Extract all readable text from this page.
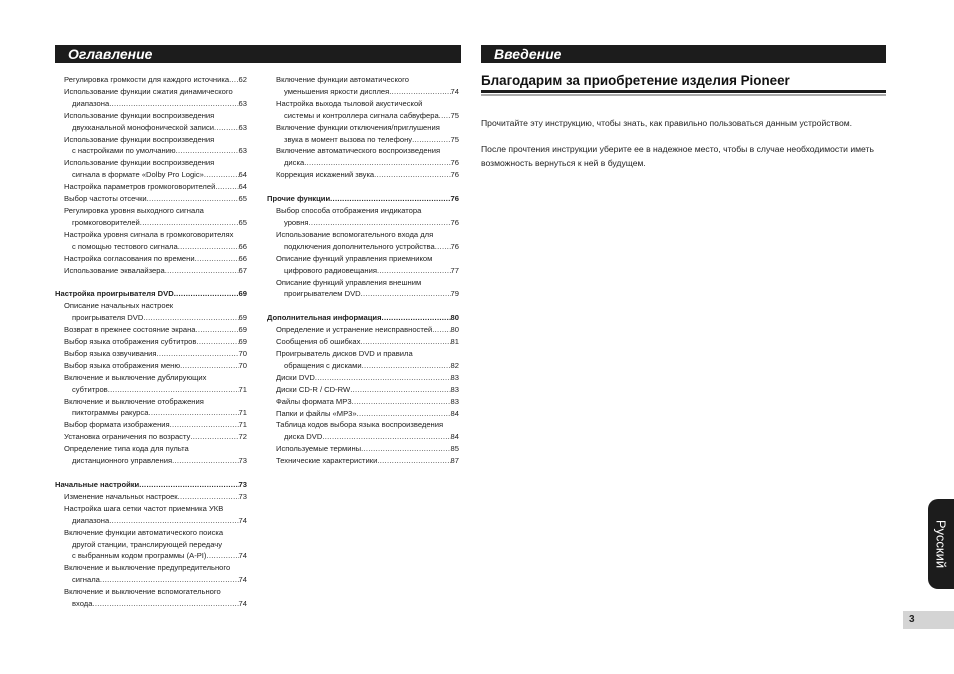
Оглавление	Введение
Регулировка громкости для каждого источника ..... 62
Использование функции сжатия динамического
диапазона .....	63
Использование функции воспроизведения
двухканальной монофонической записи .....	63
Использование функции воспроизведения
с настройками по умолчанию .....	63
Использование функции воспроизведения
сигнала в формате «Dolby Pro Logic» .....	64
Настройка параметров громкоговорителей .....	64
Выбор частоты отсечки .....	65
Регулировка уровня выходного сигнала
громкоговорителей .....	65
Настройка уровня сигнала в громкоговорителях
с помощью тестового сигнала .....	66
Настройка согласования по времени .....	66
Использование эквалайзера .....	67
Настройка проигрывателя DVD .....	69
Описание начальных настроек
проигрывателя DVD .....	69
Возврат в прежнее состояние экрана .....	69
Выбор языка отображения субтитров .....	69
Выбор языка озвучивания .....	70
Выбор языка отображения меню .....	70
Включение и выключение дублирующих
субтитров .....	71
Включение и выключение отображения
пиктограммы ракурса .....	71
Выбор формата изображения .....	71
Установка ограничения по возрасту .....	72
Определение типа кода для пульта
дистанционного управления .....	73
Начальные настройки .....	73
Изменение начальных настроек .....	73
Настройка шага сетки частот приемника УКВ
диапазона .....	74
Включение функции автоматического поиска
другой станции, транслирующей передачу
с выбранным кодом программы (A-PI) .....	74
Включение и выключение предупредительного
сигнала .....	74
Включение и выключение вспомогательного
входа .....	74
Включение функции автоматического
уменьшения яркости дисплея .....	74
Настройка выхода тыловой акустической
системы и контроллера сигнала сабвуфера ..... 75
Включение функции отключения/приглушения
звука в момент вызова по телефону .....	75
Включение автоматического воспроизведения
диска .....	76
Коррекция искажений звука .....	76
Прочие функции .....	76
Выбор способа отображения индикатора
уровня .....	76
Использование вспомогательного входа для
подключения дополнительного устройства ..... 76
Описание функций управления приемником
цифрового радиовещания .....	77
Описание функций управления внешним
проигрывателем DVD .....	79
Дополнительная информация .....	80
Определение и устранение неисправностей ..... 80
Сообщения об ошибках .....	81
Проигрыватель дисков DVD и правила
обращения с дисками .....	82
Диски DVD .....	83
Диски CD-R / CD-RW .....	83
Файлы формата MP3 .....	83
Папки и файлы «MP3» .....	84
Таблица кодов выбора языка воспроизведения
диска DVD .....	84
Используемые термины .....	85
Технические характеристики .....	87
Благодарим за приобретение изделия Pioneer

Прочитайте эту инструкцию, чтобы знать, как правильно пользоваться данным устройством.

После прочтения инструкции уберите ее в надежное место, чтобы в случае необходимости иметь возможность вернуться к ней в будущем.

Русский
3
